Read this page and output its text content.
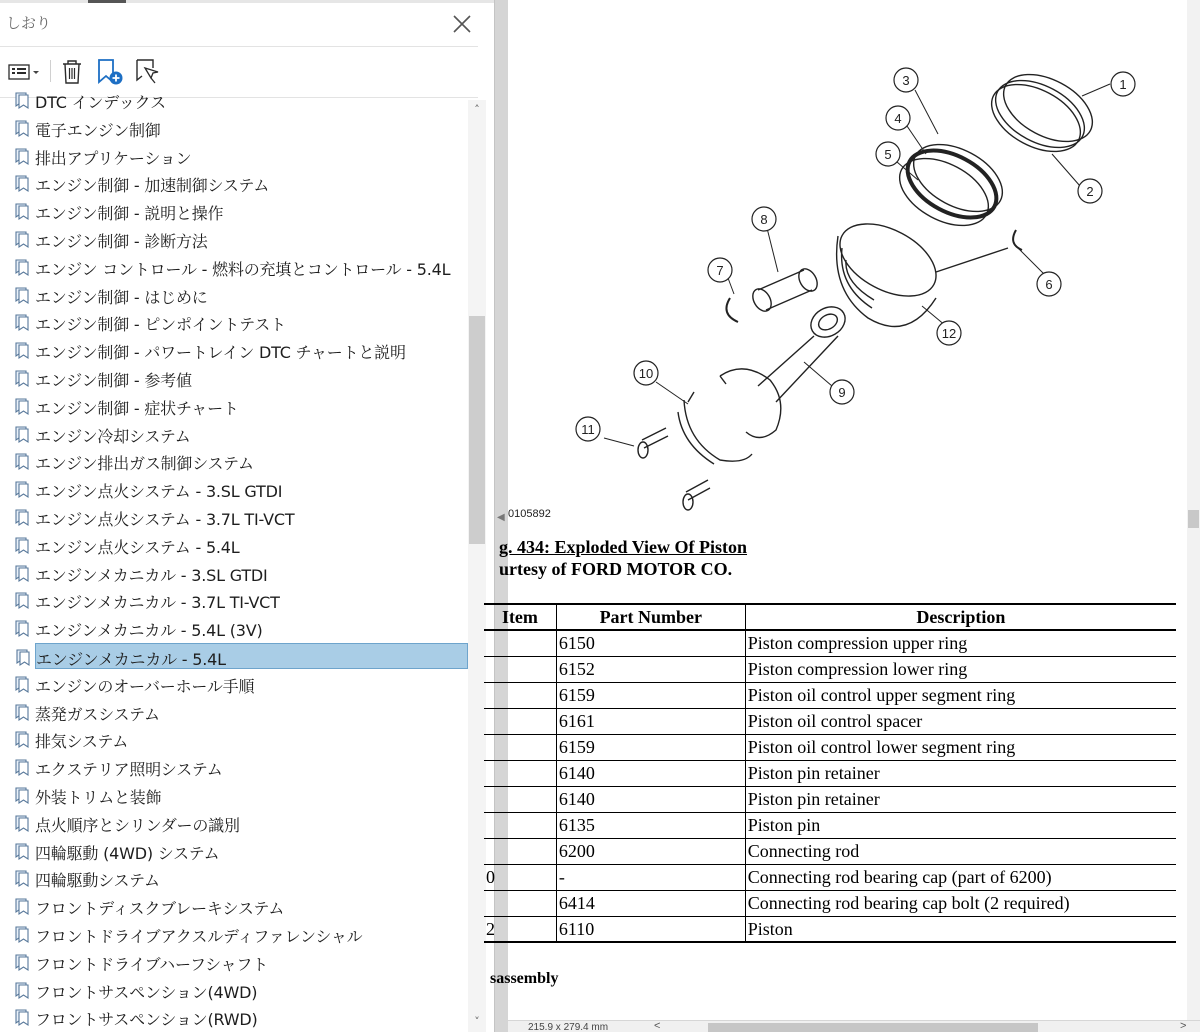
しおり
DTC インデックス
電子エンジン制御
排出アプリケーション
エンジン制御 - 加速制御システム
エンジン制御 - 説明と操作
エンジン制御 - 診断方法
エンジン コントロール - 燃料の充填とコントロール - 5.4L
エンジン制御 - はじめに
エンジン制御 - ピンポイントテスト
エンジン制御 - パワートレイン DTC チャートと説明
エンジン制御 - 参考値
エンジン制御 - 症状チャート
エンジン冷却システム
エンジン排出ガス制御システム
エンジン点火システム - 3.SL GTDI
エンジン点火システム - 3.7L TI-VCT
エンジン点火システム - 5.4L
エンジンメカニカル - 3.SL GTDI
エンジンメカニカル - 3.7L TI-VCT
エンジンメカニカル - 5.4L (3V)
エンジンメカニカル - 5.4L
エンジンのオーバーホール手順
蒸発ガスシステム
排気システム
エクステリア照明システム
外装トリムと装飾
点火順序とシリンダーの識別
四輪駆動 (4WD) システム
四輪駆動システム
フロントディスクブレーキシステム
フロントドライブアクスルディファレンシャル
フロントドライブハーフシャフト
フロントサスペンション(4WD)
フロントサスペンション(RWD)
˄
˅
◀
1
2
3
4
5
6
7
8
9
10
11
12
0105892
g. 434: Exploded View Of Piston
urtesy of FORD MOTOR CO.
Item	Part Number	Description
	6150	Piston compression upper ring
	6152	Piston compression lower ring
	6159	Piston oil control upper segment ring
	6161	Piston oil control spacer
	6159	Piston oil control lower segment ring
	6140	Piston pin retainer
	6140	Piston pin retainer
	6135	Piston pin
	6200	Connecting rod
0	-	Connecting rod bearing cap (part of 6200)
	6414	Connecting rod bearing cap bolt (2 required)
2	6110	Piston
sassembly
215.9 x 279.4 mm	<	>
